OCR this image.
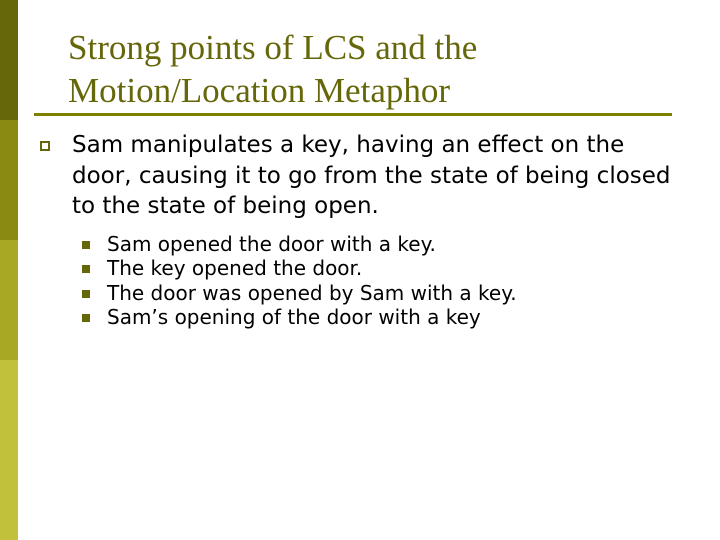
Strong points of LCS and the
Motion/Location Metaphor

Sam manipulates a key, having an effect on the door, causing it to go from the state of being closed to the state of being open.

Sam opened the door with a key.
The key opened the door.
The door was opened by Sam with a key.
Sam’s opening of the door with a key
